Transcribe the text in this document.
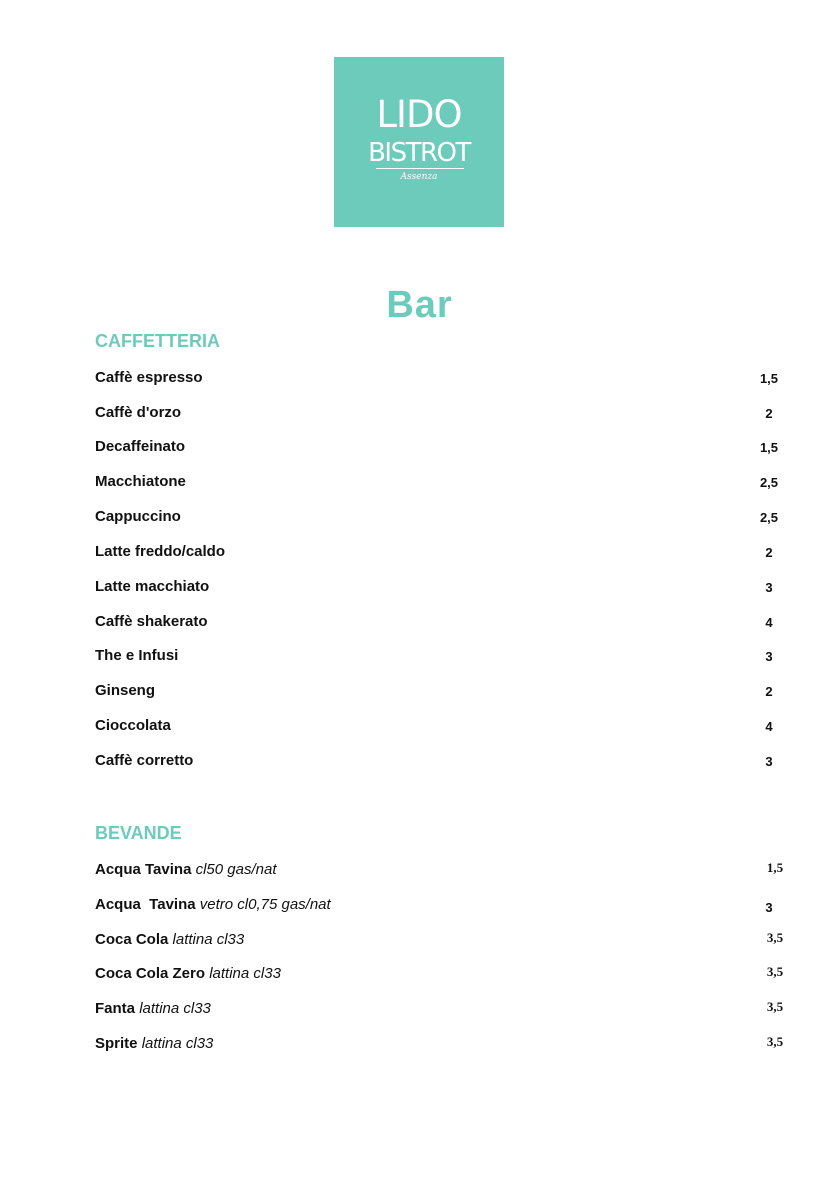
LIDO
BISTROT
Assenza
Bar
CAFFETTERIA
Caffè espresso	1,5
Caffè d'orzo	2
Decaffeinato	1,5
Macchiatone	2,5
Cappuccino	2,5
Latte freddo/caldo	2
Latte macchiato	3
Caffè shakerato	4
The e Infusi	3
Ginseng	2
Cioccolata	4
Caffè corretto	3
BEVANDE
Acqua Tavina cl50 gas/nat	1,5
Acqua  Tavina vetro cl0,75 gas/nat	3
Coca Cola lattina cl33	3,5
Coca Cola Zero lattina cl33	3,5
Fanta lattina cl33	3,5
Sprite lattina cl33	3,5
